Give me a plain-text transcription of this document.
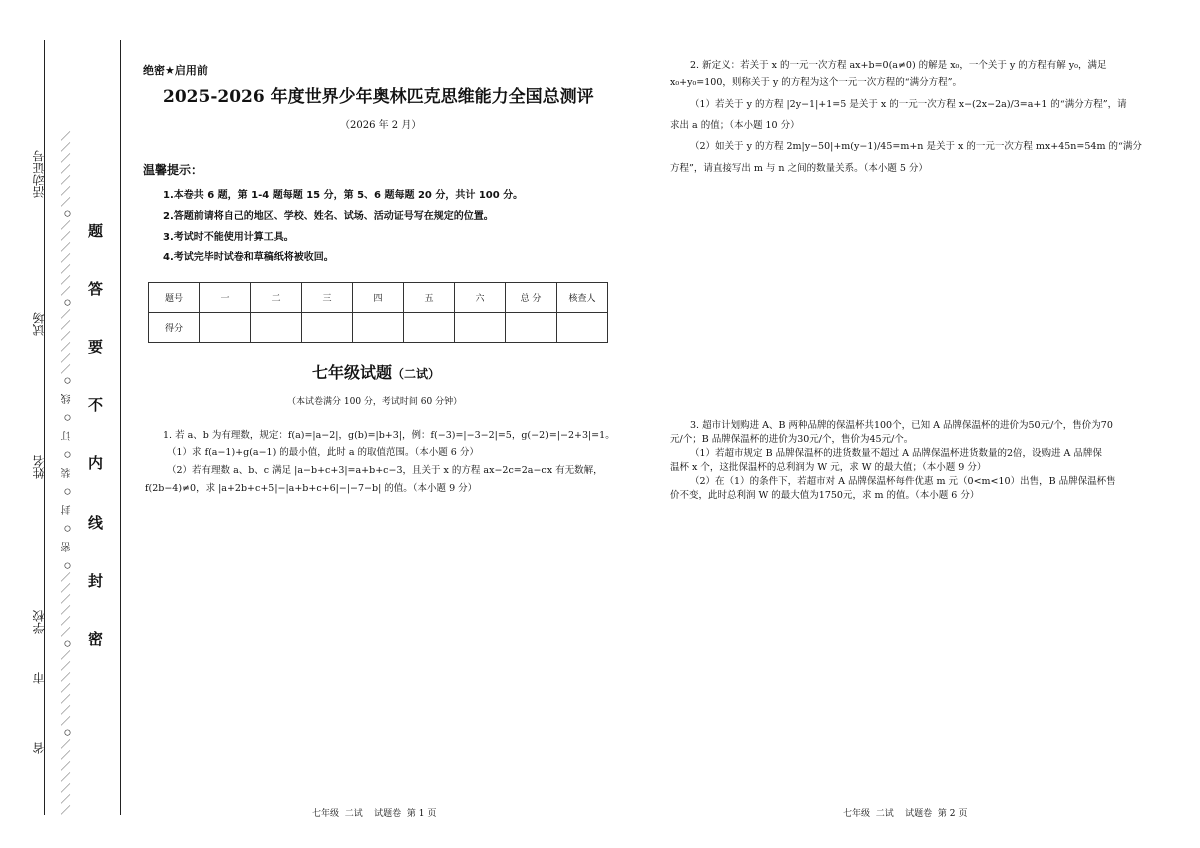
活动证号
试场
姓名
学校
市
省 ／／／／／／／○／／／／／／／○／／／／／／○ 密 ○ 封 ○ 装 ○ 订 ○ 线 ○／／／／／／○／／／／／／／○／／／／／／／ 题
答
要
不
内
线
封
密
绝密★启用前
2025-2026 年度世界少年奥林匹克思维能力全国总测评
（2026 年 2 月）
温馨提示：
1.本卷共 6 题，第 1-4 题每题 15 分，第 5、6 题每题 20 分，共计 100 分。
2.答题前请将自己的地区、学校、姓名、试场、活动证号写在规定的位置。
3.考试时不能使用计算工具。
4.考试完毕时试卷和草稿纸将被收回。
题号	一	二	三	四	五	六	总 分	核查人
得分								
七年级试题（二试）
（本试卷满分 100 分，考试时间 60 分钟）
1. 若 a、b 为有理数，规定：f(a)=|a−2|，g(b)=|b+3|，例：f(−3)=|−3−2|=5，g(−2)=|−2+3|=1。
（1）求 f(a−1)+g(a−1) 的最小值，此时 a 的取值范围。（本小题 6 分）
（2）若有理数 a、b、c 满足 |a−b+c+3|=a+b+c−3，且关于 x 的方程 ax−2c=2a−cx 有无数解，
f(2b−4)≠0，求 |a+2b+c+5|−|a+b+c+6|−|−7−b| 的值。（本小题 9 分）
七年级  二试    试题卷  第 1 页
2. 新定义：若关于 x 的一元一次方程 ax+b=0(a≠0) 的解是 x₀，一个关于 y 的方程有解 y₀，满足
x₀+y₀=100，则称关于 y 的方程为这个一元一次方程的“满分方程”。
（1）若关于 y 的方程 |2y−1|+1=5 是关于 x 的一元一次方程 x−(2x−2a)/3=a+1 的“满分方程”，请
求出 a 的值；（本小题 10 分）
（2）如关于 y 的方程 2m|y−50|+m(y−1)/45=m+n 是关于 x 的一元一次方程 mx+45n=54m 的“满分
方程”，请直接写出 m 与 n 之间的数量关系。（本小题 5 分）
3. 超市计划购进 A、B 两种品牌的保温杯共100个，已知 A 品牌保温杯的进价为50元/个，售价为70
元/个；B 品牌保温杯的进价为30元/个，售价为45元/个。
（1）若超市规定 B 品牌保温杯的进货数量不超过 A 品牌保温杯进货数量的2倍，设购进 A 品牌保
温杯 x 个，这批保温杯的总利润为 W 元，求 W 的最大值；（本小题 9 分）
（2）在（1）的条件下，若超市对 A 品牌保温杯每件优惠 m 元（0<m<10）出售，B 品牌保温杯售
价不变，此时总利润 W 的最大值为1750元，求 m 的值。（本小题 6 分）
七年级  二试    试题卷  第 2 页
